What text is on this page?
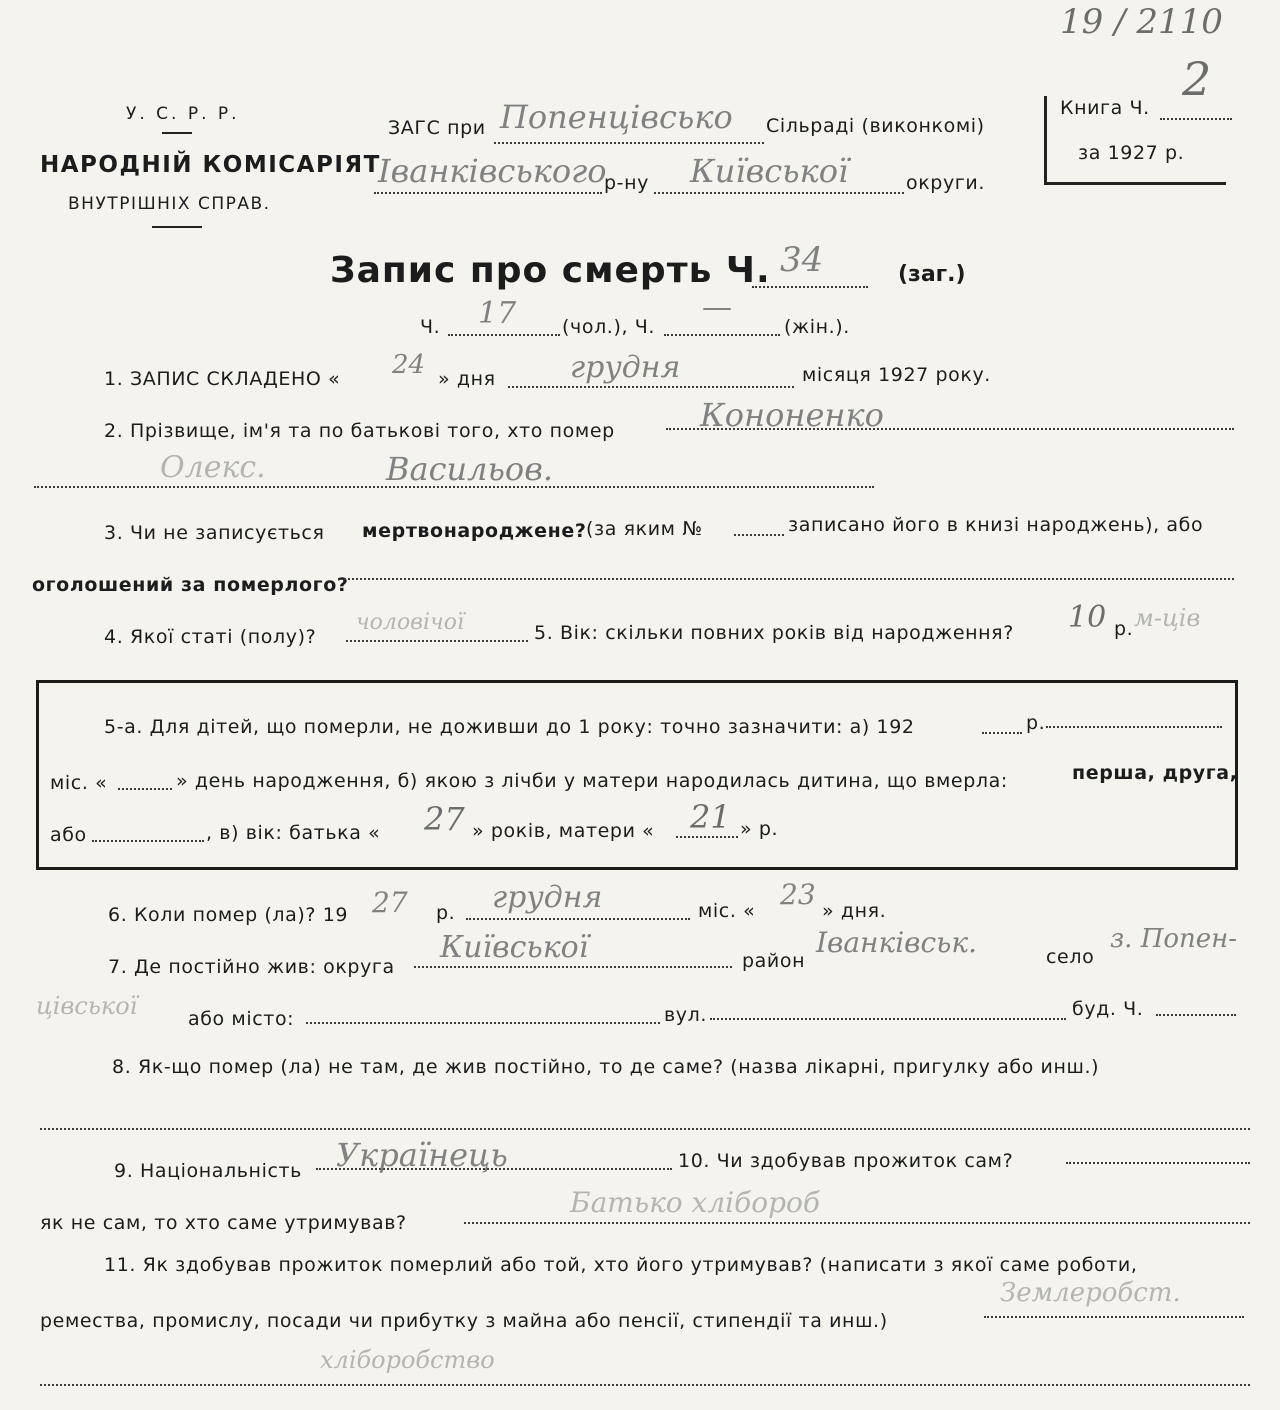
19 / 2110
У. С. Р. Р.
НАРОДНІЙ КОМІСАРІЯТ
ВНУТРІШНІХ СПРАВ.
ЗАГС при Попенцівсько Сільраді (виконкомі)
Іванківського
р-ну Київської	округи.
Книга Ч.
2
за 1927 р.
Запис про смерть Ч. 34	(заг.)
Ч. 17 (чол.), Ч.
—
(жін.).
1. ЗАПИС СКЛАДЕНО « 24 » дня грудня	місяця 1927 року.
2. Прізвище, ім'я та по батькові того, хто помер	Кононенко
Олекс.	Васильов.
3. Чи не записується мертвонароджене? (за яким №	записано його в книзі народжень), або
оголошений за померлого?
4. Якої статі (полу)?
чоловічої	5. Вік: скільки повних років від народження? 10 р. м-ців
5-а. Для дітей, що померли, не доживши до 1 року: точно зазначити: а) 192	р.
міс. «	» день народження, б) якою з лічби у матери народилась дитина, що вмерла:	перша, друга,
або	, в) вік: батька « 27 » років, матери « 21 » р.
6. Коли помер (ла)? 19 27 р. грудня	міс. « 23 » дня.
7. Де постійно жив: округа
Київської	район
Іванківськ.	село
з. Попен-
цівської	або місто:	вул.	буд. Ч.
8. Як-що помер (ла) не там, де жив постійно, то де саме? (назва лікарні, пригулку або инш.)
9. Національність Українець	10. Чи здобував прожиток сам?
як не сам, то хто саме утримував?
Батько хлібороб
11. Як здобував прожиток померлий або той, хто його утримував? (написати з якої саме роботи,
ремества, промислу, посади чи прибутку з майна або пенсії, стипендії та инш.)
Землеробст.
хліборобство
